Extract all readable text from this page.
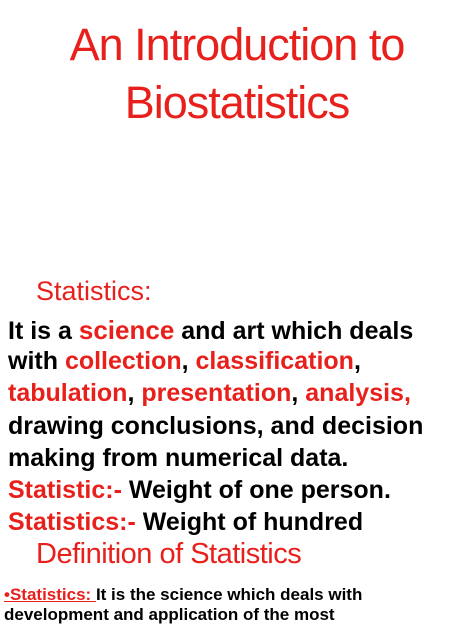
An Introduction to
Biostatistics
Statistics:
It is a science and art which deals
with collection, classification,
tabulation, presentation, analysis,
drawing conclusions, and decision
making from numerical data.
Statistic:- Weight of one person.
Statistics:- Weight of hundred
Definition of Statistics
•Statistics: It is the science which deals with
development and application of the most
